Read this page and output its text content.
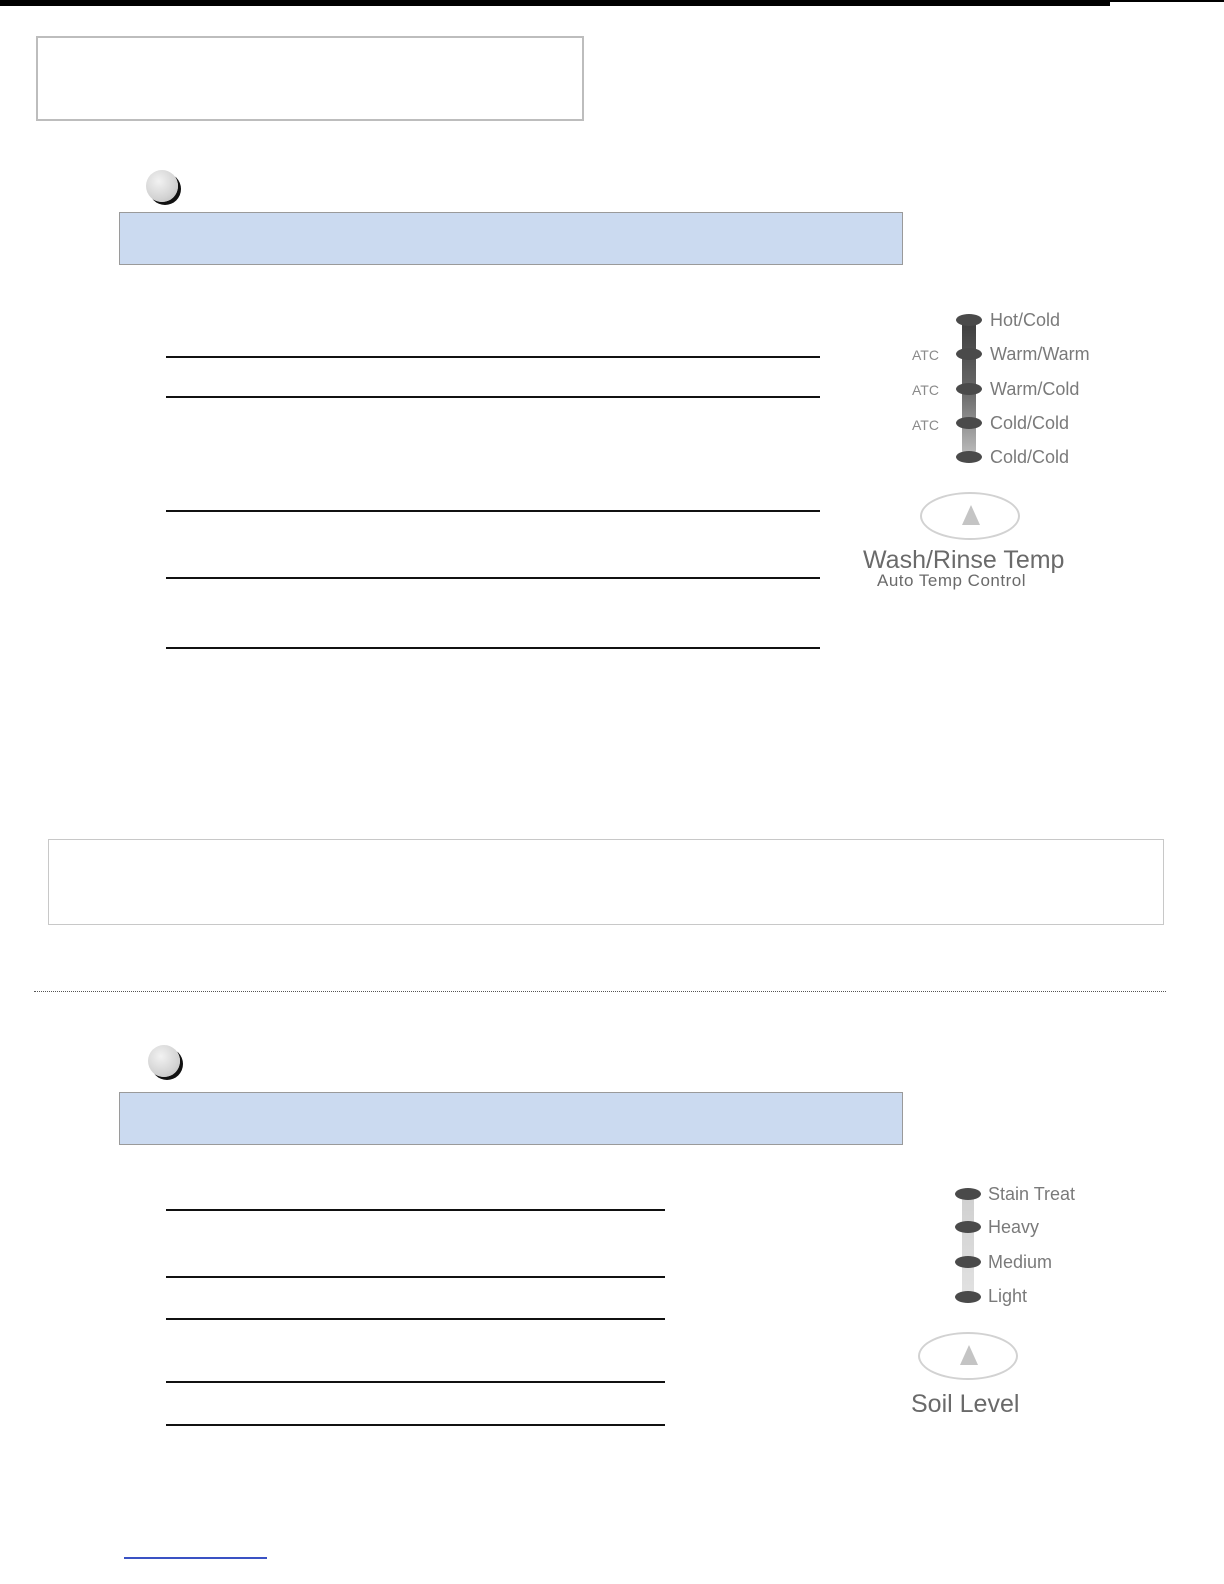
Hot/Cold
ATC	Warm/Warm
ATC	Warm/Cold
ATC	Cold/Cold
Cold/Cold
Wash/Rinse Temp
Auto Temp Control
Stain Treat
Heavy
Medium
Light
Soil Level
